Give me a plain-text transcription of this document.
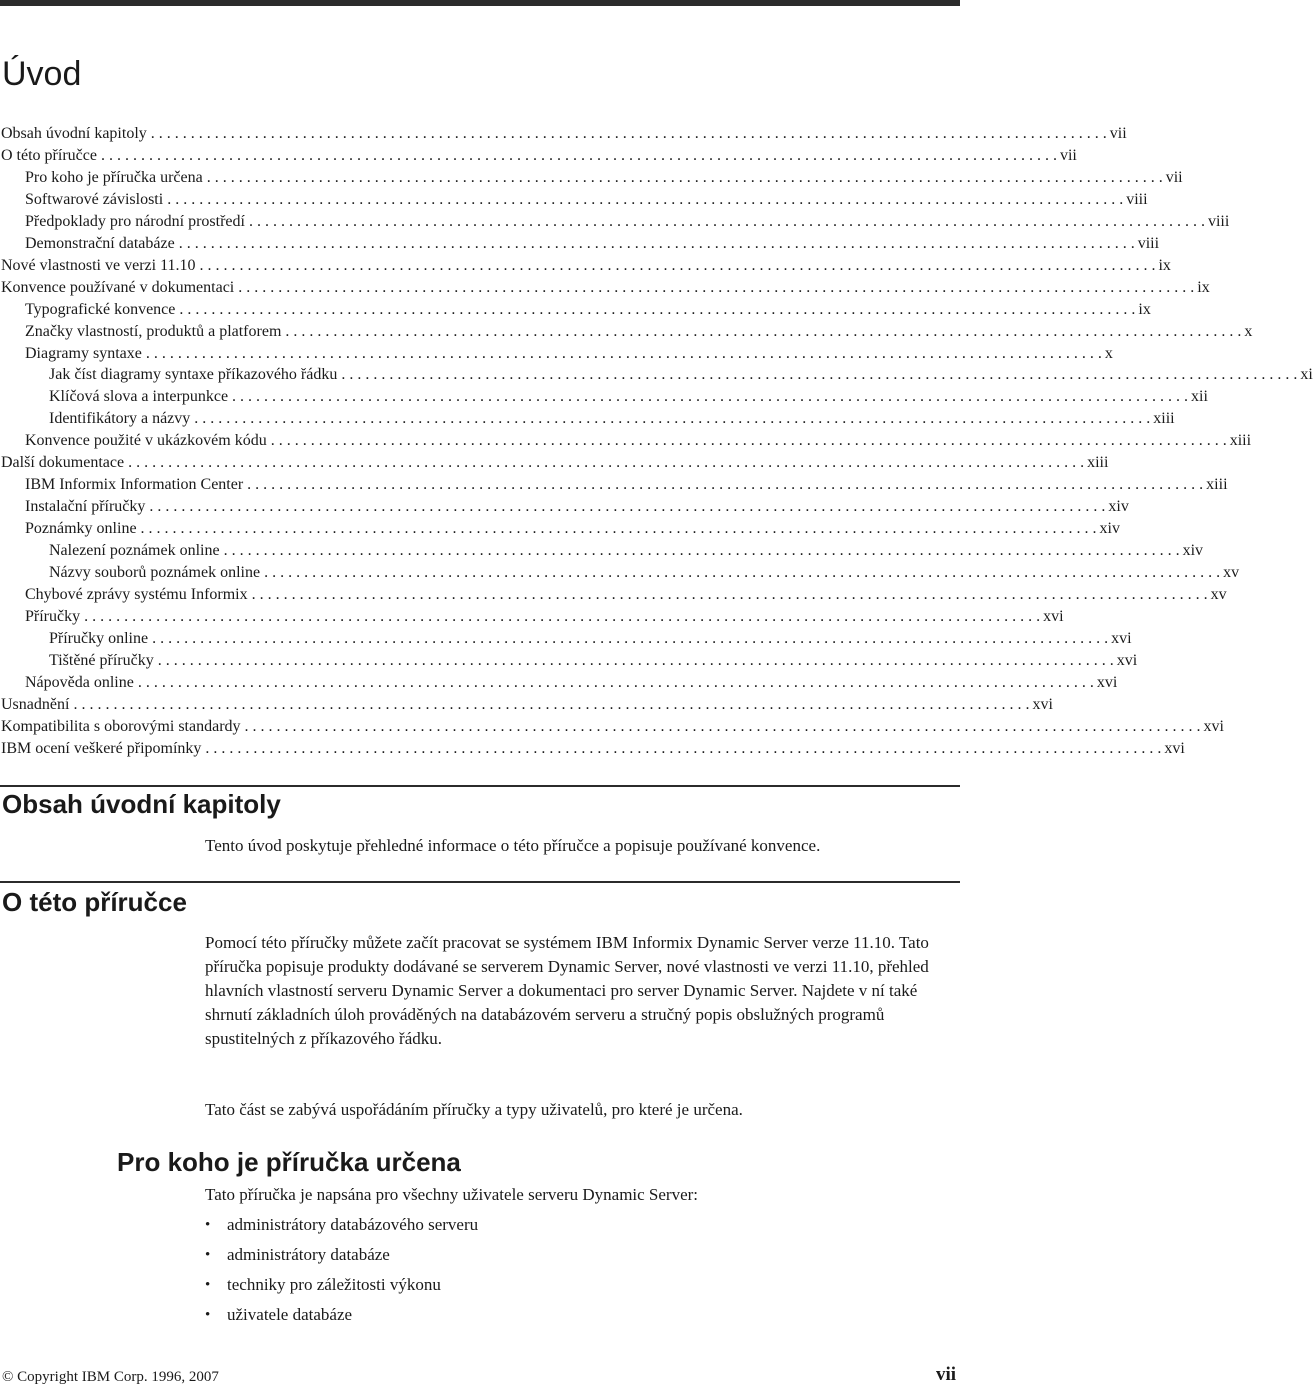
Úvod
Obsah úvodní kapitoly . . . . . . . . . . . . . . . . . . . . . . . . . . . . . . . . . . . . . . . . . . . . . . . . . . . . . . . . . . . . . . . . . . . . . . . . . . . . . . . . . . . . . . . . . . . . . . . . . . . . . . . . . . . . . . . . . . . . . . . . vii
O této příručce . . . . . . . . . . . . . . . . . . . . . . . . . . . . . . . . . . . . . . . . . . . . . . . . . . . . . . . . . . . . . . . . . . . . . . . . . . . . . . . . . . . . . . . . . . . . . . . . . . . . . . . . . . . . . . . . . . . . . . . . vii
Pro koho je příručka určena . . . . . . . . . . . . . . . . . . . . . . . . . . . . . . . . . . . . . . . . . . . . . . . . . . . . . . . . . . . . . . . . . . . . . . . . . . . . . . . . . . . . . . . . . . . . . . . . . . . . . . . . . . . . . . . . . . . . . . . . vii
Softwarové závislosti . . . . . . . . . . . . . . . . . . . . . . . . . . . . . . . . . . . . . . . . . . . . . . . . . . . . . . . . . . . . . . . . . . . . . . . . . . . . . . . . . . . . . . . . . . . . . . . . . . . . . . . . . . . . . . . . . . . . . . . . viii
Předpoklady pro národní prostředí . . . . . . . . . . . . . . . . . . . . . . . . . . . . . . . . . . . . . . . . . . . . . . . . . . . . . . . . . . . . . . . . . . . . . . . . . . . . . . . . . . . . . . . . . . . . . . . . . . . . . . . . . . . . . . . . . . . . . . . . viii
Demonstrační databáze . . . . . . . . . . . . . . . . . . . . . . . . . . . . . . . . . . . . . . . . . . . . . . . . . . . . . . . . . . . . . . . . . . . . . . . . . . . . . . . . . . . . . . . . . . . . . . . . . . . . . . . . . . . . . . . . . . . . . . . . viii
Nové vlastnosti ve verzi 11.10 . . . . . . . . . . . . . . . . . . . . . . . . . . . . . . . . . . . . . . . . . . . . . . . . . . . . . . . . . . . . . . . . . . . . . . . . . . . . . . . . . . . . . . . . . . . . . . . . . . . . . . . . . . . . . . . . . . . . . . . . ix
Konvence používané v dokumentaci . . . . . . . . . . . . . . . . . . . . . . . . . . . . . . . . . . . . . . . . . . . . . . . . . . . . . . . . . . . . . . . . . . . . . . . . . . . . . . . . . . . . . . . . . . . . . . . . . . . . . . . . . . . . . . . . . . . . . . . . ix
Typografické konvence . . . . . . . . . . . . . . . . . . . . . . . . . . . . . . . . . . . . . . . . . . . . . . . . . . . . . . . . . . . . . . . . . . . . . . . . . . . . . . . . . . . . . . . . . . . . . . . . . . . . . . . . . . . . . . . . . . . . . . . . ix
Značky vlastností, produktů a platforem . . . . . . . . . . . . . . . . . . . . . . . . . . . . . . . . . . . . . . . . . . . . . . . . . . . . . . . . . . . . . . . . . . . . . . . . . . . . . . . . . . . . . . . . . . . . . . . . . . . . . . . . . . . . . . . . . . . . . . . . x
Diagramy syntaxe . . . . . . . . . . . . . . . . . . . . . . . . . . . . . . . . . . . . . . . . . . . . . . . . . . . . . . . . . . . . . . . . . . . . . . . . . . . . . . . . . . . . . . . . . . . . . . . . . . . . . . . . . . . . . . . . . . . . . . . . x
Jak číst diagramy syntaxe příkazového řádku . . . . . . . . . . . . . . . . . . . . . . . . . . . . . . . . . . . . . . . . . . . . . . . . . . . . . . . . . . . . . . . . . . . . . . . . . . . . . . . . . . . . . . . . . . . . . . . . . . . . . . . . . . . . . . . . . . . . . . . . xi
Klíčová slova a interpunkce . . . . . . . . . . . . . . . . . . . . . . . . . . . . . . . . . . . . . . . . . . . . . . . . . . . . . . . . . . . . . . . . . . . . . . . . . . . . . . . . . . . . . . . . . . . . . . . . . . . . . . . . . . . . . . . . . . . . . . . . xii
Identifikátory a názvy . . . . . . . . . . . . . . . . . . . . . . . . . . . . . . . . . . . . . . . . . . . . . . . . . . . . . . . . . . . . . . . . . . . . . . . . . . . . . . . . . . . . . . . . . . . . . . . . . . . . . . . . . . . . . . . . . . . . . . . . xiii
Konvence použité v ukázkovém kódu . . . . . . . . . . . . . . . . . . . . . . . . . . . . . . . . . . . . . . . . . . . . . . . . . . . . . . . . . . . . . . . . . . . . . . . . . . . . . . . . . . . . . . . . . . . . . . . . . . . . . . . . . . . . . . . . . . . . . . . . xiii
Další dokumentace . . . . . . . . . . . . . . . . . . . . . . . . . . . . . . . . . . . . . . . . . . . . . . . . . . . . . . . . . . . . . . . . . . . . . . . . . . . . . . . . . . . . . . . . . . . . . . . . . . . . . . . . . . . . . . . . . . . . . . . . xiii
IBM Informix Information Center . . . . . . . . . . . . . . . . . . . . . . . . . . . . . . . . . . . . . . . . . . . . . . . . . . . . . . . . . . . . . . . . . . . . . . . . . . . . . . . . . . . . . . . . . . . . . . . . . . . . . . . . . . . . . . . . . . . . . . . . xiii
Instalační příručky . . . . . . . . . . . . . . . . . . . . . . . . . . . . . . . . . . . . . . . . . . . . . . . . . . . . . . . . . . . . . . . . . . . . . . . . . . . . . . . . . . . . . . . . . . . . . . . . . . . . . . . . . . . . . . . . . . . . . . . . xiv
Poznámky online . . . . . . . . . . . . . . . . . . . . . . . . . . . . . . . . . . . . . . . . . . . . . . . . . . . . . . . . . . . . . . . . . . . . . . . . . . . . . . . . . . . . . . . . . . . . . . . . . . . . . . . . . . . . . . . . . . . . . . . . xiv
Nalezení poznámek online . . . . . . . . . . . . . . . . . . . . . . . . . . . . . . . . . . . . . . . . . . . . . . . . . . . . . . . . . . . . . . . . . . . . . . . . . . . . . . . . . . . . . . . . . . . . . . . . . . . . . . . . . . . . . . . . . . . . . . . . xiv
Názvy souborů poznámek online . . . . . . . . . . . . . . . . . . . . . . . . . . . . . . . . . . . . . . . . . . . . . . . . . . . . . . . . . . . . . . . . . . . . . . . . . . . . . . . . . . . . . . . . . . . . . . . . . . . . . . . . . . . . . . . . . . . . . . . . xv
Chybové zprávy systému Informix . . . . . . . . . . . . . . . . . . . . . . . . . . . . . . . . . . . . . . . . . . . . . . . . . . . . . . . . . . . . . . . . . . . . . . . . . . . . . . . . . . . . . . . . . . . . . . . . . . . . . . . . . . . . . . . . . . . . . . . . xv
Příručky . . . . . . . . . . . . . . . . . . . . . . . . . . . . . . . . . . . . . . . . . . . . . . . . . . . . . . . . . . . . . . . . . . . . . . . . . . . . . . . . . . . . . . . . . . . . . . . . . . . . . . . . . . . . . . . . . . . . . . . . xvi
Příručky online . . . . . . . . . . . . . . . . . . . . . . . . . . . . . . . . . . . . . . . . . . . . . . . . . . . . . . . . . . . . . . . . . . . . . . . . . . . . . . . . . . . . . . . . . . . . . . . . . . . . . . . . . . . . . . . . . . . . . . . . xvi
Tištěné příručky . . . . . . . . . . . . . . . . . . . . . . . . . . . . . . . . . . . . . . . . . . . . . . . . . . . . . . . . . . . . . . . . . . . . . . . . . . . . . . . . . . . . . . . . . . . . . . . . . . . . . . . . . . . . . . . . . . . . . . . . xvi
Nápověda online . . . . . . . . . . . . . . . . . . . . . . . . . . . . . . . . . . . . . . . . . . . . . . . . . . . . . . . . . . . . . . . . . . . . . . . . . . . . . . . . . . . . . . . . . . . . . . . . . . . . . . . . . . . . . . . . . . . . . . . . xvi
Usnadnění . . . . . . . . . . . . . . . . . . . . . . . . . . . . . . . . . . . . . . . . . . . . . . . . . . . . . . . . . . . . . . . . . . . . . . . . . . . . . . . . . . . . . . . . . . . . . . . . . . . . . . . . . . . . . . . . . . . . . . . . xvi
Kompatibilita s oborovými standardy . . . . . . . . . . . . . . . . . . . . . . . . . . . . . . . . . . . . . . . . . . . . . . . . . . . . . . . . . . . . . . . . . . . . . . . . . . . . . . . . . . . . . . . . . . . . . . . . . . . . . . . . . . . . . . . . . . . . . . . . xvi
IBM ocení veškeré připomínky . . . . . . . . . . . . . . . . . . . . . . . . . . . . . . . . . . . . . . . . . . . . . . . . . . . . . . . . . . . . . . . . . . . . . . . . . . . . . . . . . . . . . . . . . . . . . . . . . . . . . . . . . . . . . . . . . . . . . . . . xvi
Obsah úvodní kapitoly

Tento úvod poskytuje přehledné informace o této příručce a popisuje používané konvence.

O této příručce

Pomocí této příručky můžete začít pracovat se systémem IBM Informix Dynamic Server verze 11.10. Tato příručka popisuje produkty dodávané se serverem Dynamic Server, nové vlastnosti ve verzi 11.10, přehled hlavních vlastností serveru Dynamic Server a dokumentaci pro server Dynamic Server. Najdete v ní také shrnutí základních úloh prováděných na databázovém serveru a stručný popis obslužných programů spustitelných z příkazového řádku.

Tato část se zabývá uspořádáním příručky a typy uživatelů, pro které je určena.

Pro koho je příručka určena

Tato příručka je napsána pro všechny uživatele serveru Dynamic Server:

• administrátory databázového serveru
• administrátory databáze
• techniky pro záležitosti výkonu
• uživatele databáze
© Copyright IBM Corp. 1996, 2007	vii
